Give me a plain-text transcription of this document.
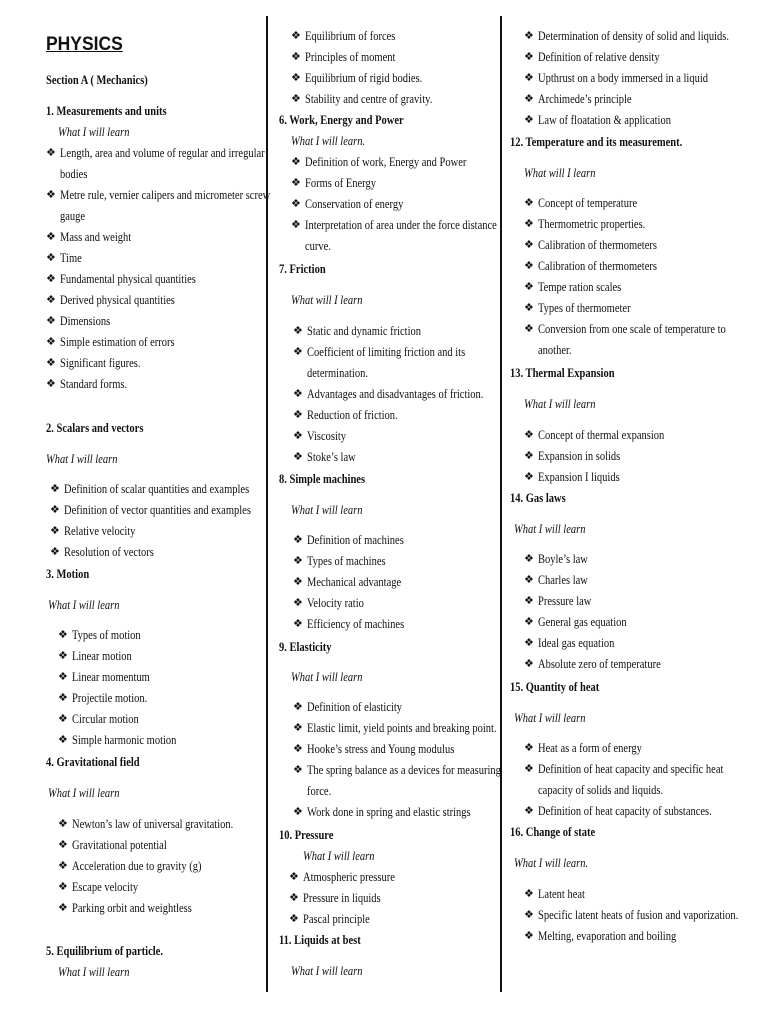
PHYSICS
Section A ( Mechanics)
1. Measurements and units
What I will learn
❖ Length, area and volume of regular and irregular
bodies
❖ Metre rule, vernier calipers and micrometer screw
gauge
❖ Mass and weight
❖ Time
❖ Fundamental physical quantities
❖ Derived physical quantities
❖ Dimensions
❖ Simple estimation of errors
❖ Significant figures.
❖ Standard forms.
2. Scalars and vectors
What I will learn
❖ Definition of scalar quantities and examples
❖ Definition of vector quantities and examples
❖ Relative velocity
❖ Resolution of vectors
3. Motion
What I will learn
❖ Types of motion
❖ Linear motion
❖ Linear momentum
❖ Projectile motion.
❖ Circular motion
❖ Simple harmonic motion
4. Gravitational field
What I will learn
❖ Newton’s law of universal gravitation.
❖ Gravitational potential
❖ Acceleration due to gravity (g)
❖ Escape velocity
❖ Parking orbit and weightless
5. Equilibrium of particle.
What I will learn
❖ Equilibrium of forces
❖ Principles of moment
❖ Equilibrium of rigid bodies.
❖ Stability and centre of gravity.
6. Work, Energy and Power
What I will learn.
❖ Definition of work, Energy and Power
❖ Forms of Energy
❖ Conservation of energy
❖ Interpretation of area under the force distance
curve.
7. Friction
What will I learn
❖ Static and dynamic friction
❖ Coefficient of limiting friction and its
determination.
❖ Advantages and disadvantages of friction.
❖ Reduction of friction.
❖ Viscosity
❖ Stoke’s law
8. Simple machines
What I will learn
❖ Definition of machines
❖ Types of machines
❖ Mechanical advantage
❖ Velocity ratio
❖ Efficiency of machines
9. Elasticity
What I will learn
❖ Definition of elasticity
❖ Elastic limit, yield points and breaking point.
❖ Hooke’s stress and Young modulus
❖ The spring balance as a devices for measuring
force.
❖ Work done in spring and elastic strings
10. Pressure
What I will learn
❖ Atmospheric pressure
❖ Pressure in liquids
❖ Pascal principle
11. Liquids at best
What I will learn
❖ Determination of density of solid and liquids.
❖ Definition of relative density
❖ Upthrust on a body immersed in a liquid
❖ Archimede’s principle
❖ Law of floatation & application
12. Temperature and its measurement.
What will I learn
❖ Concept of temperature
❖ Thermometric properties.
❖ Calibration of thermometers
❖ Calibration of thermometers
❖ Tempe ration scales
❖ Types of thermometer
❖ Conversion from one scale of temperature to
another.
13. Thermal Expansion
What I will learn
❖ Concept of thermal expansion
❖ Expansion in solids
❖ Expansion I liquids
14. Gas laws
What I will learn
❖ Boyle’s law
❖ Charles law
❖ Pressure law
❖ General gas equation
❖ Ideal gas equation
❖ Absolute zero of temperature
15. Quantity of heat
What I will learn
❖ Heat as a form of energy
❖ Definition of heat capacity and specific heat
capacity of solids and liquids.
❖ Definition of heat capacity of substances.
16. Change of state
What I will learn.
❖ Latent heat
❖ Specific latent heats of fusion and vaporization.
❖ Melting, evaporation and boiling
